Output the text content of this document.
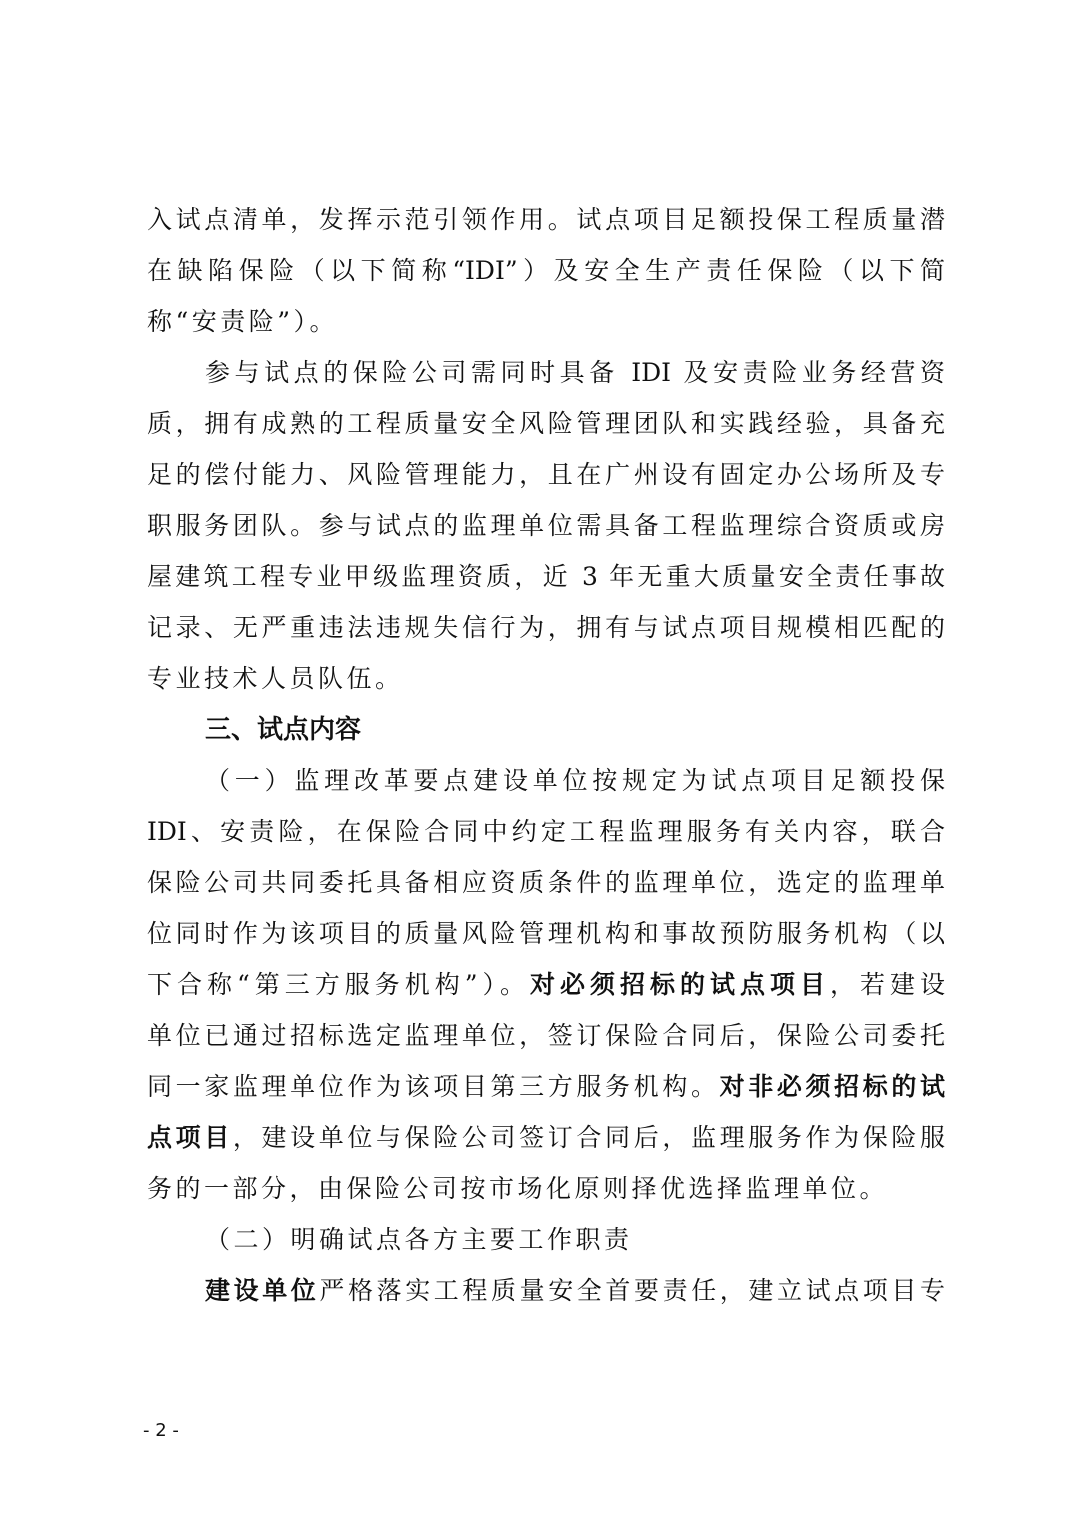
入试点清单，发挥示范引领作用。试点项目足额投保工程质量潜
在缺陷保险（以下简称“IDI”）及安全生产责任保险（以下简
称“安责险”）。
参与试点的保险公司需同时具备 IDI 及安责险业务经营资
质，拥有成熟的工程质量安全风险管理团队和实践经验，具备充
足的偿付能力、风险管理能力，且在广州设有固定办公场所及专
职服务团队。参与试点的监理单位需具备工程监理综合资质或房
屋建筑工程专业甲级监理资质，近 3 年无重大质量安全责任事故
记录、无严重违法违规失信行为，拥有与试点项目规模相匹配的
专业技术人员队伍。
三、试点内容
（一）监理改革要点建设单位按规定为试点项目足额投保
IDI、安责险，在保险合同中约定工程监理服务有关内容，联合
保险公司共同委托具备相应资质条件的监理单位，选定的监理单
位同时作为该项目的质量风险管理机构和事故预防服务机构（以
下合称“第三方服务机构”）。对必须招标的试点项目，若建设
单位已通过招标选定监理单位，签订保险合同后，保险公司委托
同一家监理单位作为该项目第三方服务机构。对非必须招标的试
点项目，建设单位与保险公司签订合同后，监理服务作为保险服
务的一部分，由保险公司按市场化原则择优选择监理单位。
（二）明确试点各方主要工作职责
建设单位严格落实工程质量安全首要责任，建立试点项目专
- 2 -
